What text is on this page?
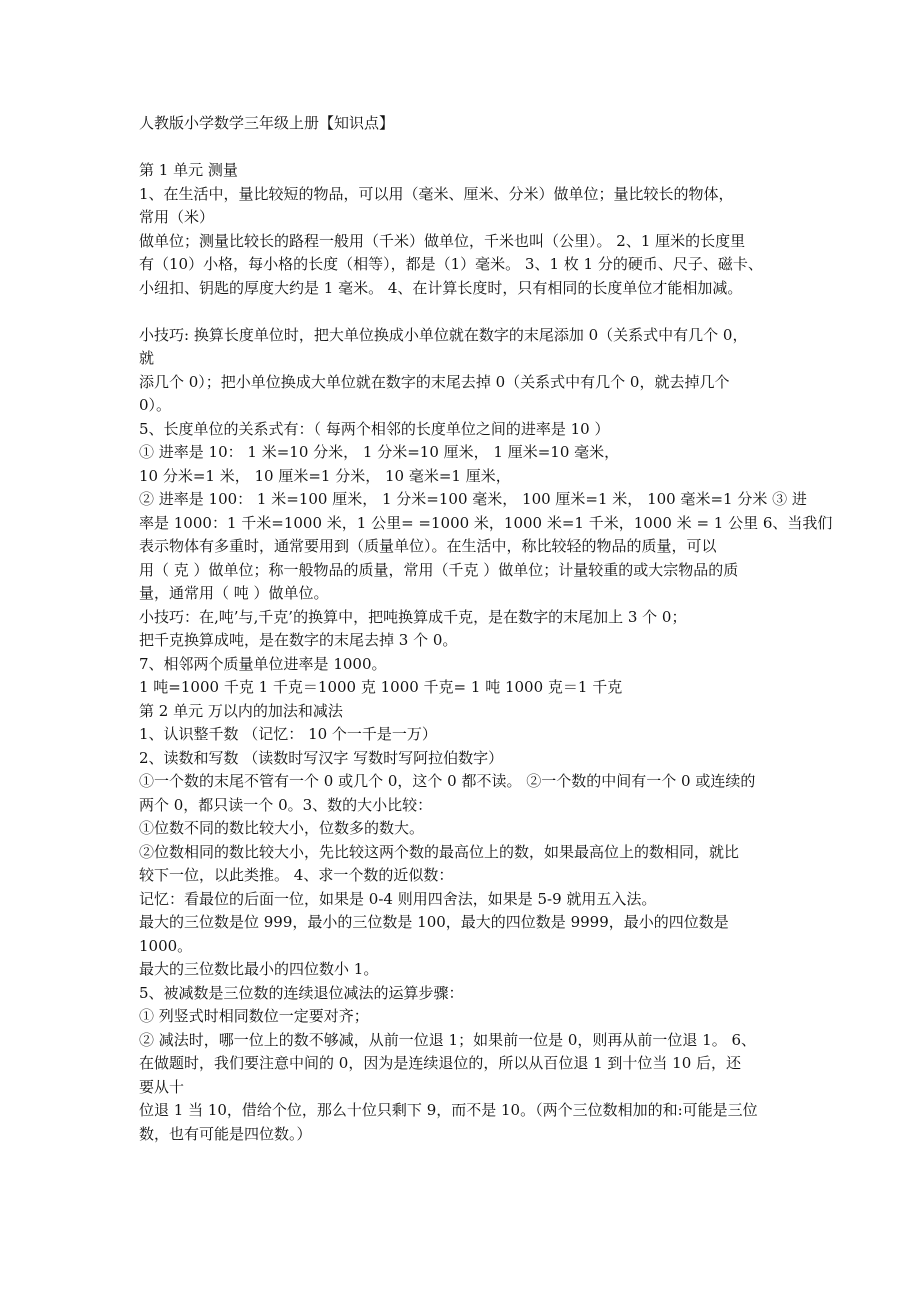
人教版小学数学三年级上册【知识点】
第 1 单元 测量
1、在生活中，量比较短的物品，可以用（毫米、厘米、分米）做单位；量比较长的物体，
常用（米）
做单位；测量比较长的路程一般用（千米）做单位，千米也叫（公里）。 2、1 厘米的长度里
有（10）小格，每小格的长度（相等），都是（1）毫米。 3、1 枚 1 分的硬币、尺子、磁卡、
小纽扣、钥匙的厚度大约是 1 毫米。 4、在计算长度时，只有相同的长度单位才能相加减。
小技巧: 换算长度单位时，把大单位换成小单位就在数字的末尾添加 0（关系式中有几个 0，
就
添几个 0）；把小单位换成大单位就在数字的末尾去掉 0（关系式中有几个 0，就去掉几个
0）。
5、长度单位的关系式有：（ 每两个相邻的长度单位之间的进率是 10 ）
① 进率是 10： 1 米=10 分米， 1 分米=10 厘米， 1 厘米=10 毫米，
10 分米=1 米， 10 厘米=1 分米， 10 毫米=1 厘米，
② 进率是 100： 1 米=100 厘米， 1 分米=100 毫米， 100 厘米=1 米， 100 毫米=1 分米 ③ 进
率是 1000：1 千米=1000 米，1 公里= =1000 米，1000 米=1 千米，1000 米 = 1 公里 6、当我们
表示物体有多重时，通常要用到（质量单位）。在生活中，称比较轻的物品的质量，可以
用（ 克 ）做单位；称一般物品的质量，常用（千克 ）做单位；计量较重的或大宗物品的质
量，通常用（ 吨 ）做单位。
小技巧：在‚吨’与‚千克’的换算中，把吨换算成千克，是在数字的末尾加上 3 个 0；
把千克换算成吨，是在数字的末尾去掉 3 个 0。
7、相邻两个质量单位进率是 1000。
1 吨=1000 千克 1 千克＝1000 克 1000 千克= 1 吨 1000 克＝1 千克
第 2 单元 万以内的加法和减法
1、认识整千数 （记忆： 10 个一千是一万）
2、读数和写数 （读数时写汉字 写数时写阿拉伯数字）
①一个数的末尾不管有一个 0 或几个 0，这个 0 都不读。 ②一个数的中间有一个 0 或连续的
两个 0，都只读一个 0。3、数的大小比较：
①位数不同的数比较大小，位数多的数大。
②位数相同的数比较大小，先比较这两个数的最高位上的数，如果最高位上的数相同，就比
较下一位，以此类推。 4、求一个数的近似数：
记忆：看最位的后面一位，如果是 0-4 则用四舍法，如果是 5-9 就用五入法。
最大的三位数是位 999，最小的三位数是 100，最大的四位数是 9999，最小的四位数是
1000。
最大的三位数比最小的四位数小 1。
5、被减数是三位数的连续退位减法的运算步骤：
① 列竖式时相同数位一定要对齐；
② 减法时，哪一位上的数不够减，从前一位退 1；如果前一位是 0，则再从前一位退 1。 6、
在做题时，我们要注意中间的 0，因为是连续退位的，所以从百位退 1 到十位当 10 后，还
要从十
位退 1 当 10，借给个位，那么十位只剩下 9，而不是 10。（两个三位数相加的和:可能是三位
数，也有可能是四位数。）
